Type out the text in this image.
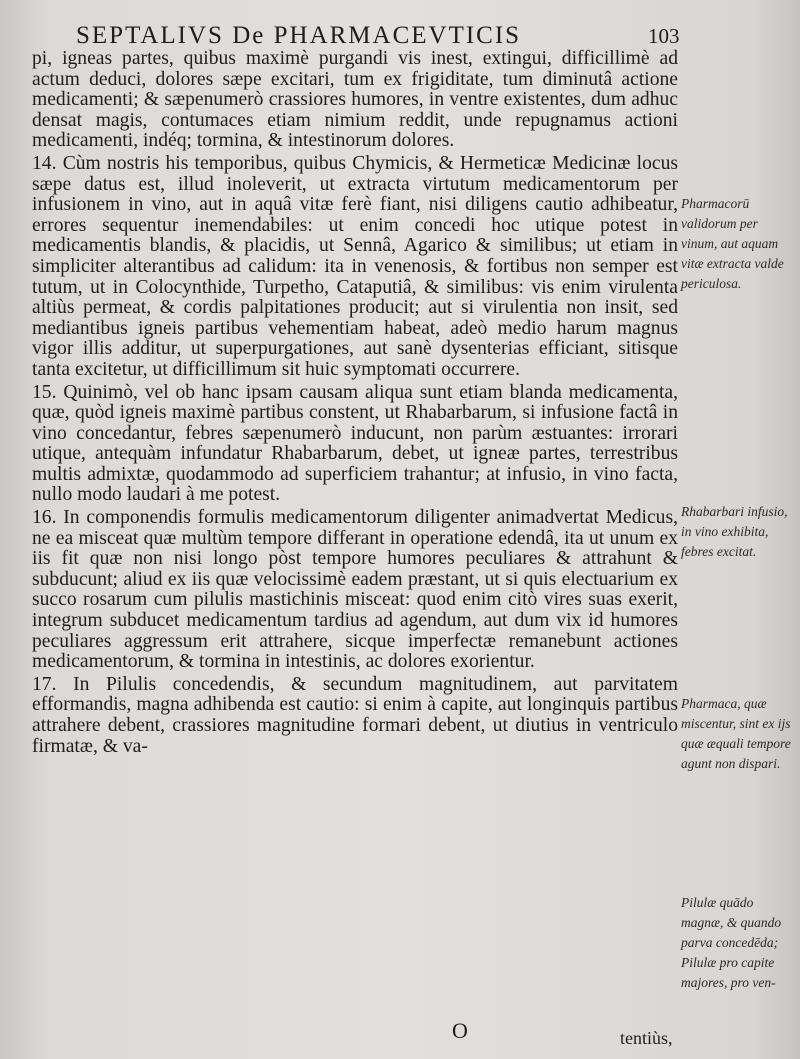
SEPTALIVS De PHARMACEVTICIS	103

pi, igneas partes, quibus maximè purgandi vis inest, extingui, difficillimè ad actum deduci, dolores sæpe excitari, tum ex frigiditate, tum diminutâ actione medicamenti; & sæpenumerò crassiores humores, in ventre existentes, dum adhuc densat magis, contumaces etiam nimium reddit, unde repugnamus actioni medicamenti, indéq; tormina, & intestinorum dolores.

14. Cùm nostris his temporibus, quibus Chymicis, & Hermeticæ Medicinæ locus sæpe datus est, illud inoleverit, ut extracta virtutum medicamentorum per infusionem in vino, aut in aquâ vitæ ferè fiant, nisi diligens cautio adhibeatur, errores sequentur inemendabiles: ut enim concedi hoc utique potest in medicamentis blandis, & placidis, ut Sennâ, Agarico & similibus; ut etiam in simpliciter alterantibus ad calidum: ita in venenosis, & fortibus non semper est tutum, ut in Colocynthide, Turpetho, Cataputiâ, & similibus: vis enim virulenta altiùs permeat, & cordis palpitationes producit; aut si virulentia non insit, sed mediantibus igneis partibus vehementiam habeat, adeò medio harum magnus vigor illis additur, ut superpurgationes, aut sanè dysenterias efficiant, sitisque tanta excitetur, ut difficillimum sit huic symptomati occurrere.

15. Quinimò, vel ob hanc ipsam causam aliqua sunt etiam blanda medicamenta, quæ, quòd igneis maximè partibus constent, ut Rhabarbarum, si infusione factâ in vino concedantur, febres sæpenumerò inducunt, non parùm æstuantes: irrorari utique, antequàm infundatur Rhabarbarum, debet, ut igneæ partes, terrestribus multis admixtæ, quodammodo ad superficiem trahantur; at infusio, in vino facta, nullo modo laudari à me potest.

16. In componendis formulis medicamentorum diligenter animadvertat Medicus, ne ea misceat quæ multùm tempore differant in operatione edendâ, ita ut unum ex iis fit quæ non nisi longo pòst tempore humores peculiares & attrahunt & subducunt; aliud ex iis quæ velocissimè eadem præstant, ut si quis electuarium ex succo rosarum cum pilulis mastichinis misceat: quod enim citò vires suas exerit, integrum subducet medicamentum tardius ad agendum, aut dum vix id humores peculiares aggressum erit attrahere, sicque imperfectæ remanebunt actiones medicamentorum, & tormina in intestinis, ac dolores exorientur.

17. In Pilulis concedendis, & secundum magnitudinem, aut parvitatem efformandis, magna adhibenda est cautio: si enim à capite, aut longinquis partibus attrahere debent, crassiores magnitudine formari debent, ut diutius in ventriculo firmatæ, & va-

Pharmacorū validorum per vinum, aut aquam vitæ extracta valde periculosa.
Rhabarbari infusio, in vino exhibita, febres excitat.
Pharmaca, quæ miscentur, sint ex ijs quæ æquali tempore agunt non dispari.
Pilulæ quādo magnæ, & quando parva concedēda; Pilulæ pro capite majores, pro ven-
O	tentiùs,
